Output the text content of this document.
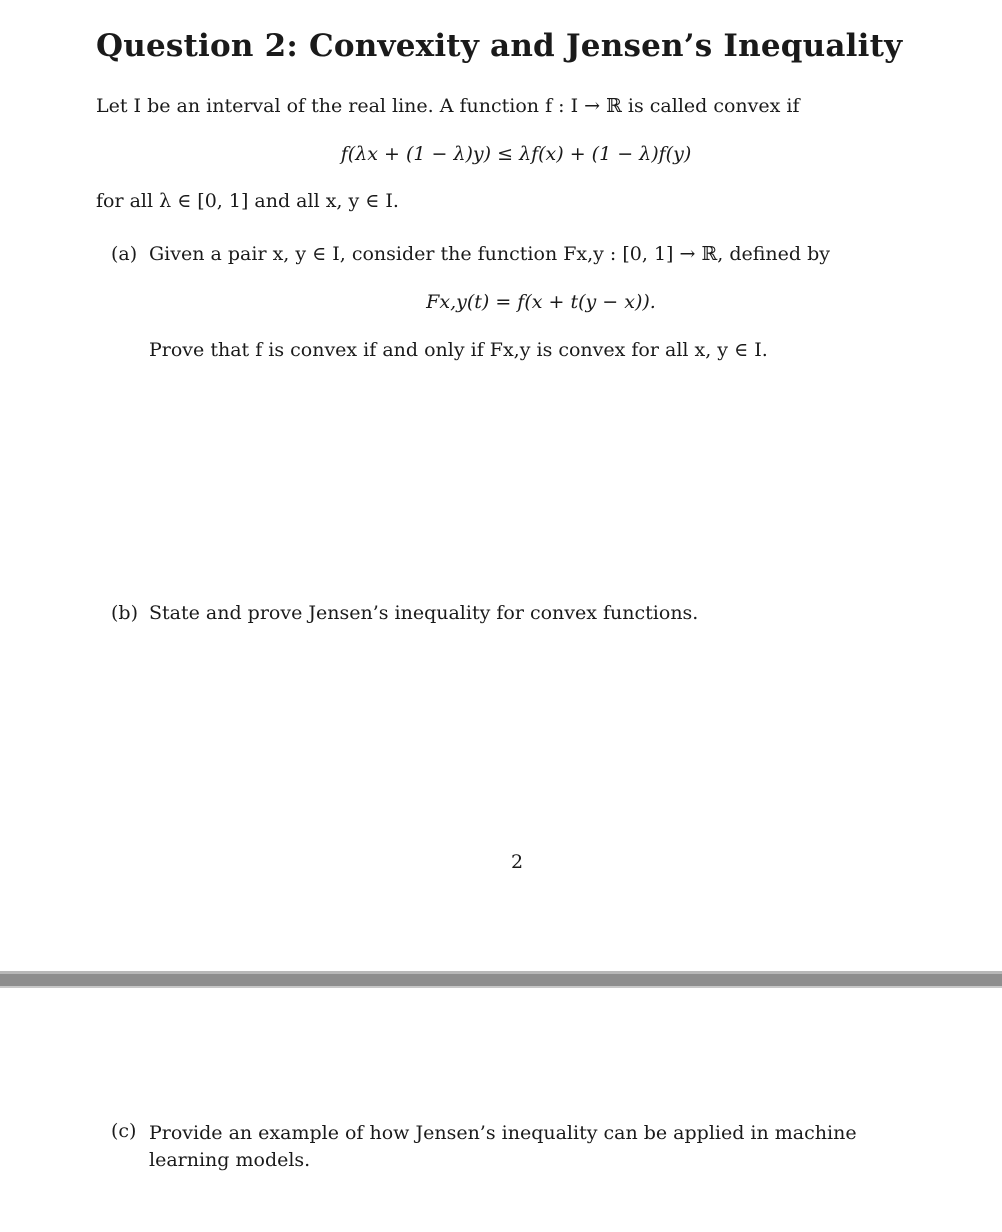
Question 2: Convexity and Jensen’s Inequality
Let I be an interval of the real line. A function f : I → ℝ is called convex if
f(λx + (1 − λ)y) ≤ λf(x) + (1 − λ)f(y)
for all λ ∈ [0, 1] and all x, y ∈ I.
(a) Given a pair x, y ∈ I, consider the function Fx,y : [0, 1] → ℝ, defined by
Fx,y(t) = f(x + t(y − x)).
Prove that f is convex if and only if Fx,y is convex for all x, y ∈ I.
(b) State and prove Jensen’s inequality for convex functions.
2
(c) Provide an example of how Jensen’s inequality can be applied in machine learning models.
